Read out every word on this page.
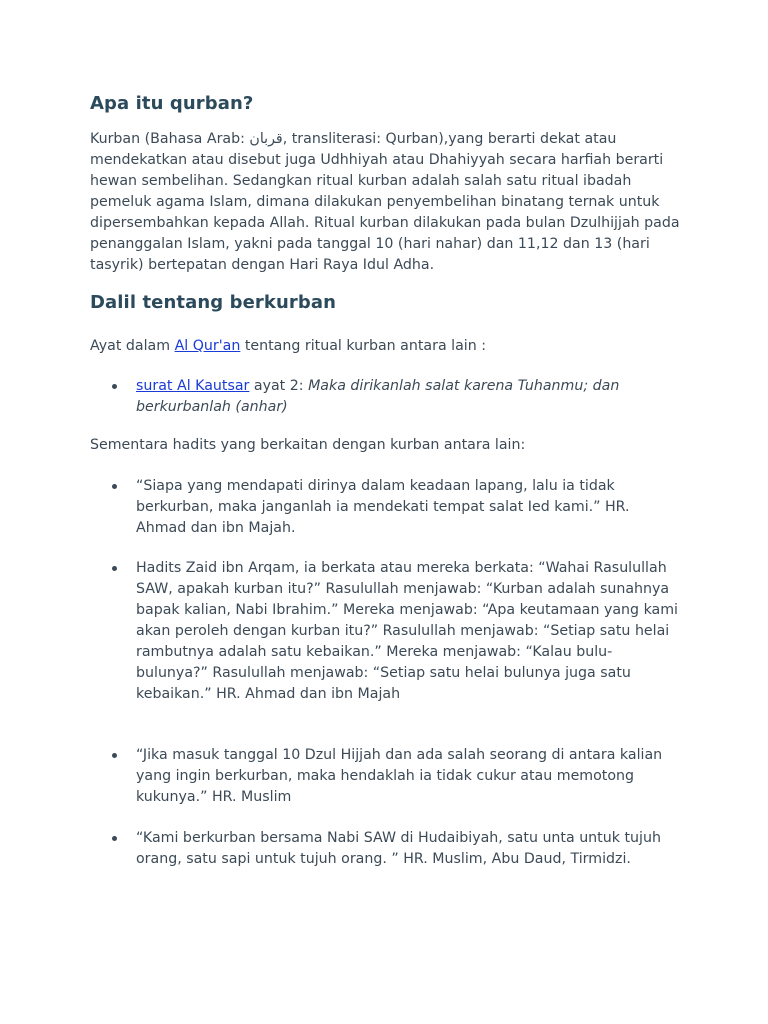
Apa itu qurban?

Kurban (Bahasa Arab: قربان, transliterasi: Qurban),yang berarti dekat atau mendekatkan atau disebut juga Udhhiyah atau Dhahiyyah secara harfiah berarti hewan sembelihan. Sedangkan ritual kurban adalah salah satu ritual ibadah pemeluk agama Islam, dimana dilakukan penyembelihan binatang ternak untuk dipersembahkan kepada Allah. Ritual kurban dilakukan pada bulan Dzulhijjah pada penanggalan Islam, yakni pada tanggal 10 (hari nahar) dan 11,12 dan 13 (hari tasyrik) bertepatan dengan Hari Raya Idul Adha.

Dalil tentang berkurban

Ayat dalam Al Qur'an tentang ritual kurban antara lain :

surat Al Kautsar ayat 2: Maka dirikanlah salat karena Tuhanmu; dan berkurbanlah (anhar)

Sementara hadits yang berkaitan dengan kurban antara lain:

“Siapa yang mendapati dirinya dalam keadaan lapang, lalu ia tidak berkurban, maka janganlah ia mendekati tempat salat Ied kami.” HR. Ahmad dan ibn Majah.
Hadits Zaid ibn Arqam, ia berkata atau mereka berkata: “Wahai Rasulullah SAW, apakah kurban itu?” Rasulullah menjawab: “Kurban adalah sunahnya bapak kalian, Nabi Ibrahim.” Mereka menjawab: “Apa keutamaan yang kami akan peroleh dengan kurban itu?” Rasulullah menjawab: “Setiap satu helai rambutnya adalah satu kebaikan.” Mereka menjawab: “Kalau bulu-bulunya?” Rasulullah menjawab: “Setiap satu helai bulunya juga satu kebaikan.” HR. Ahmad dan ibn Majah
“Jika masuk tanggal 10 Dzul Hijjah dan ada salah seorang di antara kalian yang ingin berkurban, maka hendaklah ia tidak cukur atau memotong kukunya.” HR. Muslim
“Kami berkurban bersama Nabi SAW di Hudaibiyah, satu unta untuk tujuh orang, satu sapi untuk tujuh orang. ” HR. Muslim, Abu Daud, Tirmidzi.
